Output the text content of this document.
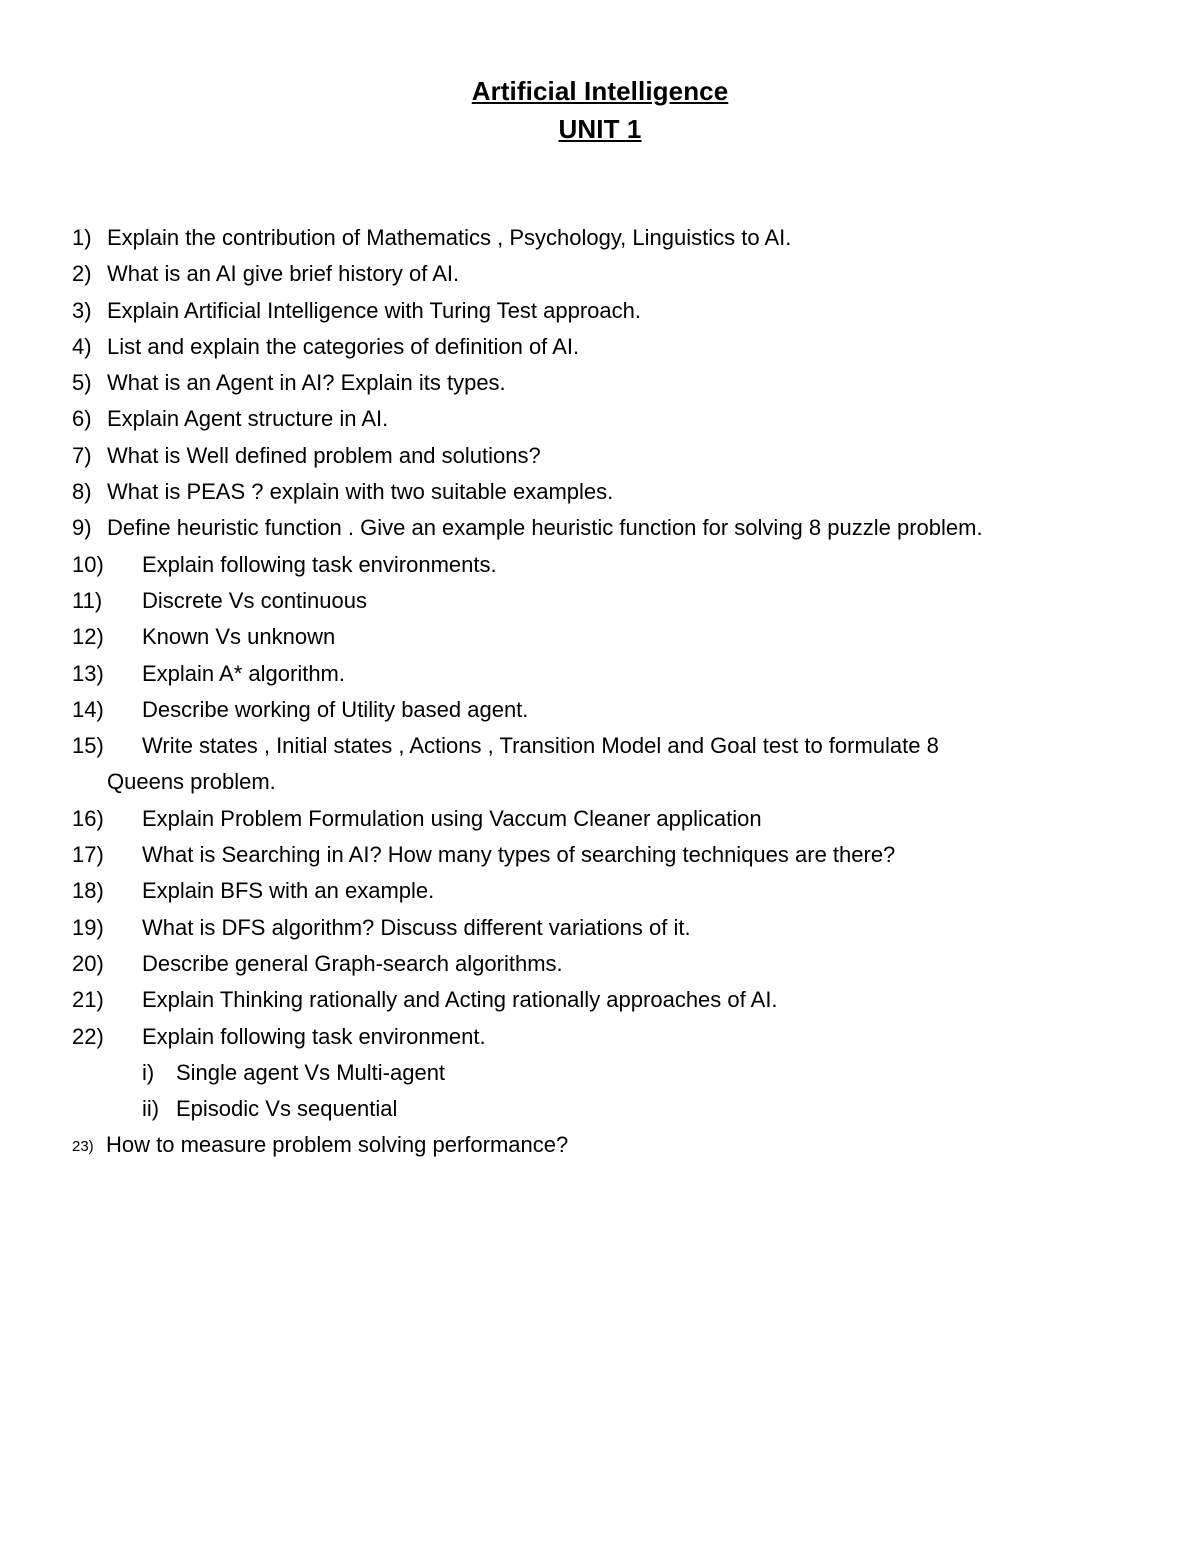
Artificial Intelligence
UNIT 1
1) Explain the contribution of Mathematics , Psychology, Linguistics to AI.
2) What is an AI give brief history of AI.
3) Explain Artificial Intelligence with Turing Test approach.
4) List and explain the categories of definition of AI.
5) What is an Agent in AI? Explain its types.
6) Explain Agent structure in AI.
7) What is Well defined problem and solutions?
8) What is PEAS ? explain with two suitable examples.
9) Define heuristic function . Give an example heuristic function for solving 8 puzzle problem.
10) Explain following task environments.
11) Discrete Vs continuous
12) Known Vs unknown
13) Explain A* algorithm.
14) Describe working of Utility based agent.
15) Write states , Initial states , Actions , Transition Model and Goal test to formulate 8
Queens problem.
16) Explain Problem Formulation using Vaccum Cleaner application
17) What is Searching in AI? How many types of searching techniques are there?
18) Explain BFS with an example.
19) What is DFS algorithm? Discuss different variations of it.
20) Describe general Graph-search algorithms.
21) Explain Thinking rationally and Acting rationally approaches of AI.
22) Explain following task environment.
i) Single agent Vs Multi-agent
ii) Episodic Vs sequential
23) How to measure problem solving performance?
